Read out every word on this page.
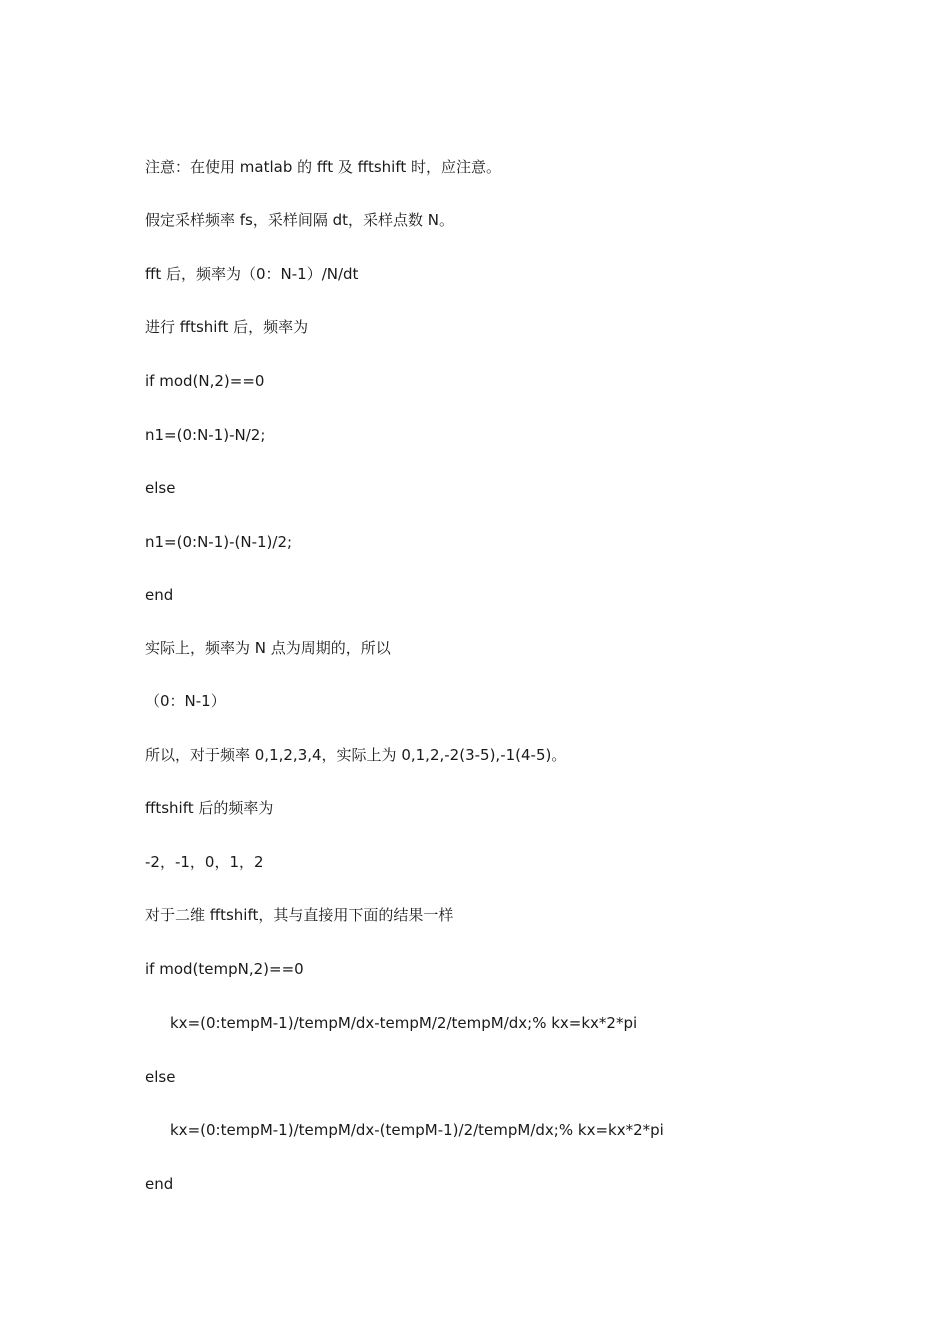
注意：在使用 matlab 的 fft 及 fftshift 时，应注意。

假定采样频率 fs，采样间隔 dt，采样点数 N。

fft 后，频率为（0：N-1）/N/dt

进行 fftshift 后，频率为

if mod(N,2)==0

n1=(0:N-1)-N/2;

else

n1=(0:N-1)-(N-1)/2;

end

实际上，频率为 N 点为周期的，所以

（0：N-1）

所以，对于频率 0,1,2,3,4，实际上为 0,1,2,-2(3-5),-1(4-5)。

fftshift 后的频率为

-2，-1，0，1，2

对于二维 fftshift，其与直接用下面的结果一样

if mod(tempN,2)==0

kx=(0:tempM-1)/tempM/dx-tempM/2/tempM/dx;% kx=kx*2*pi

else

kx=(0:tempM-1)/tempM/dx-(tempM-1)/2/tempM/dx;% kx=kx*2*pi

end
